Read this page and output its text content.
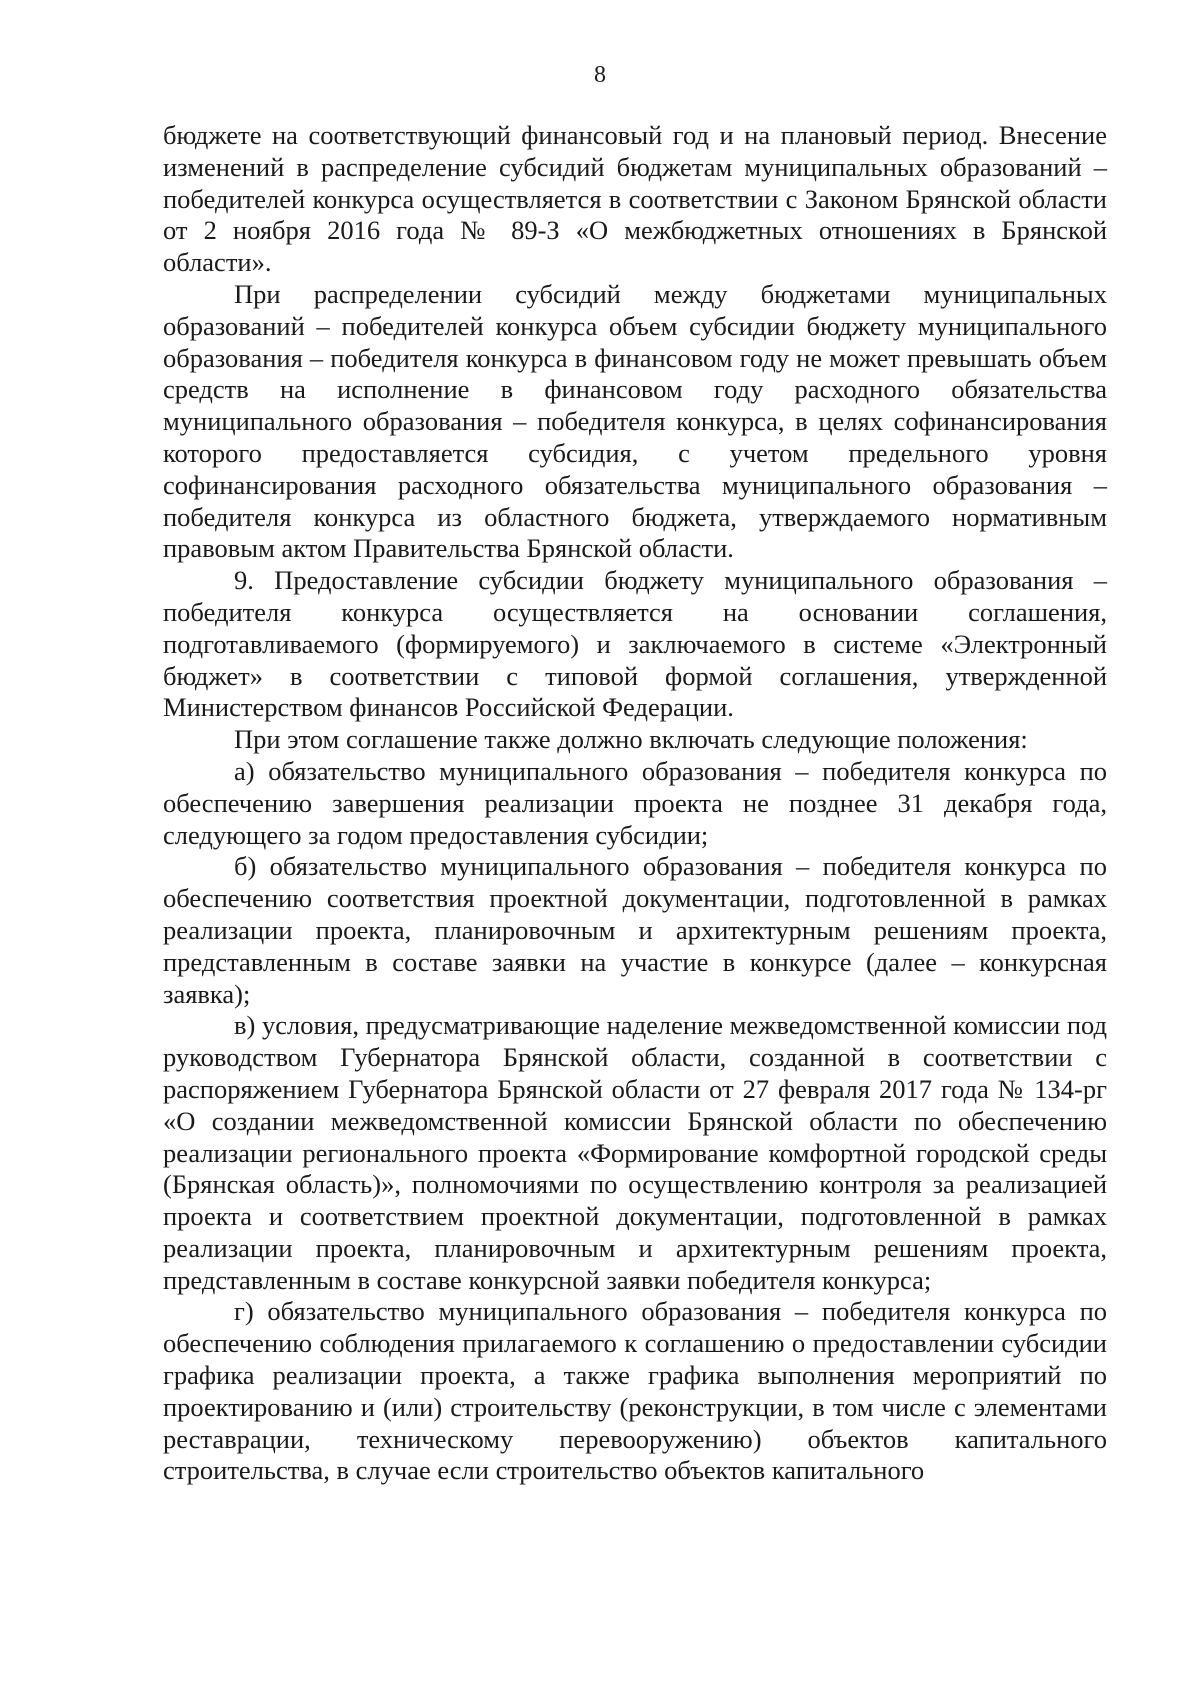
8

бюджете на соответствующий финансовый год и на плановый период. Внесение изменений в распределение субсидий бюджетам муниципальных образований – победителей конкурса осуществляется в соответствии с Законом Брянской области от 2 ноября 2016 года № 89-З «О межбюджетных отношениях в Брянской области».

При распределении субсидий между бюджетами муниципальных образований – победителей конкурса объем субсидии бюджету муниципального образования – победителя конкурса в финансовом году не может превышать объем средств на исполнение в финансовом году расходного обязательства муниципального образования – победителя конкурса, в целях софинансирования которого предоставляется субсидия, с учетом предельного уровня софинансирования расходного обязательства муниципального образования – победителя конкурса из областного бюджета, утверждаемого нормативным правовым актом Правительства Брянской области.

9. Предоставление субсидии бюджету муниципального образования – победителя конкурса осуществляется на основании соглашения, подготавливаемого (формируемого) и заключаемого в системе «Электронный бюджет» в соответствии с типовой формой соглашения, утвержденной Министерством финансов Российской Федерации.

При этом соглашение также должно включать следующие положения:

а) обязательство муниципального образования – победителя конкурса по обеспечению завершения реализации проекта не позднее 31 декабря года, следующего за годом предоставления субсидии;

б) обязательство муниципального образования – победителя конкурса по обеспечению соответствия проектной документации, подготовленной в рамках реализации проекта, планировочным и архитектурным решениям проекта, представленным в составе заявки на участие в конкурсе (далее – конкурсная заявка);

в) условия, предусматривающие наделение межведомственной комиссии под руководством Губернатора Брянской области, созданной в соответствии с распоряжением Губернатора Брянской области от 27 февраля 2017 года № 134-рг «О создании межведомственной комиссии Брянской области по обеспечению реализации регионального проекта «Формирование комфортной городской среды (Брянская область)», полномочиями по осуществлению контроля за реализацией проекта и соответствием проектной документации, подготовленной в рамках реализации проекта, планировочным и архитектурным решениям проекта, представленным в составе конкурсной заявки победителя конкурса;

г) обязательство муниципального образования – победителя конкурса по обеспечению соблюдения прилагаемого к соглашению о предоставлении субсидии графика реализации проекта, а также графика выполнения мероприятий по проектированию и (или) строительству (реконструкции, в том числе с элементами реставрации, техническому перевооружению) объектов капитального строительства, в случае если строительство объектов капитального
